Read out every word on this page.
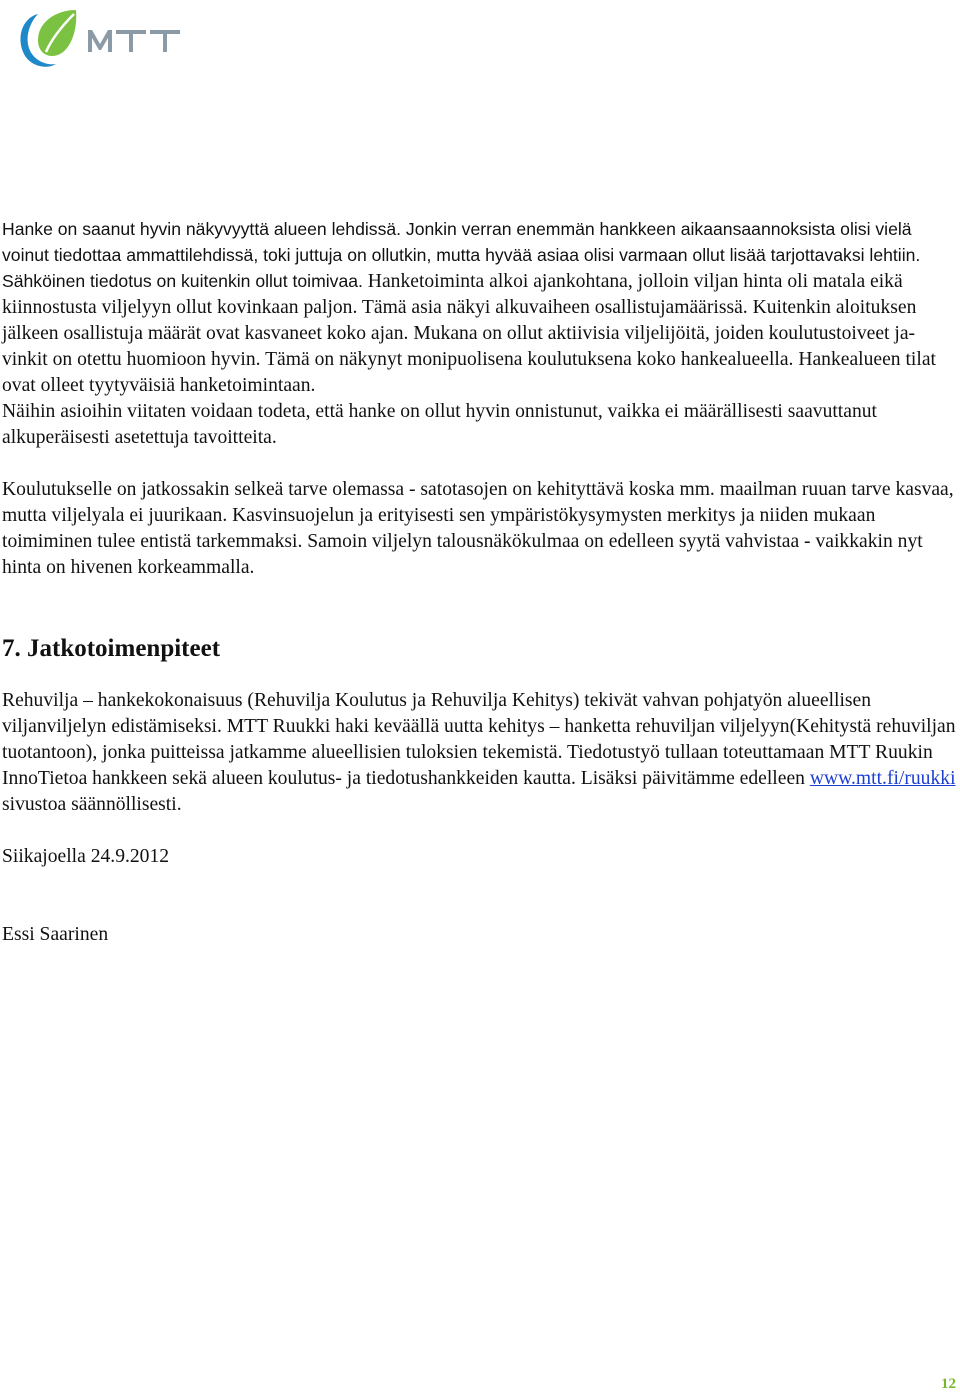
Hanke on saanut hyvin näkyvyyttä alueen lehdissä. Jonkin verran enemmän hankkeen aikaansaannoksista olisi vielä voinut tiedottaa ammattilehdissä, toki juttuja on ollutkin, mutta hyvää asiaa olisi varmaan ollut lisää tarjottavaksi lehtiin. Sähköinen tiedotus on kuitenkin ollut toimivaa. Hanketoiminta alkoi ajankohtana, jolloin viljan hinta oli matala eikä kiinnostusta viljelyyn ollut kovinkaan paljon. Tämä asia näkyi alkuvaiheen osallistujamäärissä. Kuitenkin aloituksen jälkeen osallistuja määrät ovat kasvaneet koko ajan. Mukana on ollut aktiivisia viljelijöitä, joiden koulutustoiveet ja- vinkit on otettu huomioon hyvin. Tämä on näkynyt monipuolisena koulutuksena koko hankealueella. Hankealueen tilat ovat olleet tyytyväisiä hanketoimintaan.
Näihin asioihin viitaten voidaan todeta, että hanke on ollut hyvin onnistunut, vaikka ei määrällisesti saavuttanut alkuperäisesti asetettuja tavoitteita.

Koulutukselle on jatkossakin selkeä tarve olemassa - satotasojen on kehityttävä koska mm. maailman ruuan tarve kasvaa, mutta viljelyala ei juurikaan. Kasvinsuojelun ja erityisesti sen ympäristökysymysten merkitys ja niiden mukaan toimiminen tulee entistä tarkemmaksi. Samoin viljelyn talousnäkökulmaa on edelleen syytä vahvistaa - vaikkakin nyt hinta on hivenen korkeammalla.

7. Jatkotoimenpiteet

Rehuvilja – hankekokonaisuus (Rehuvilja Koulutus ja Rehuvilja Kehitys) tekivät vahvan pohjatyön alueellisen viljanviljelyn edistämiseksi. MTT Ruukki haki keväällä uutta kehitys – hanketta rehuviljan viljelyyn(Kehitystä rehuviljan tuotantoon), jonka puitteissa jatkamme alueellisien tuloksien tekemistä. Tiedotustyö tullaan toteuttamaan MTT Ruukin InnoTietoa hankkeen sekä alueen koulutus- ja tiedotushankkeiden kautta. Lisäksi päivitämme edelleen www.mtt.fi/ruukki sivustoa säännöllisesti.

Siikajoella 24.9.2012

Essi Saarinen

12
